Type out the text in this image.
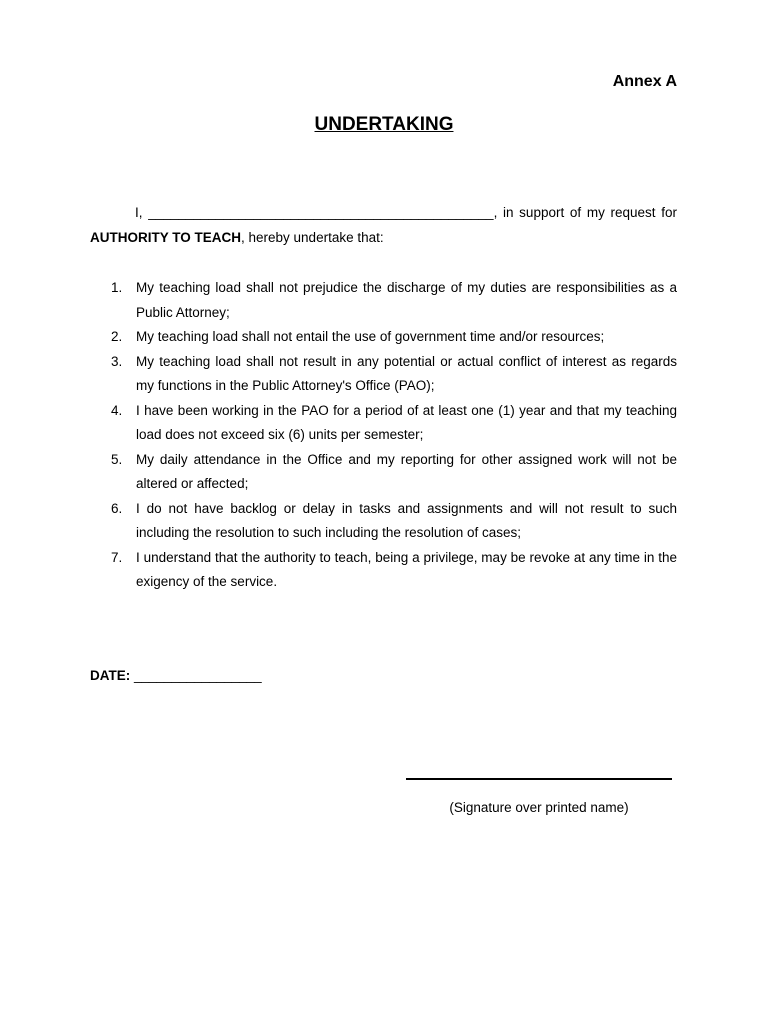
Annex A
UNDERTAKING

I, ______________________________________________, in support of my request for AUTHORITY TO TEACH, hereby undertake that:

1. My teaching load shall not prejudice the discharge of my duties are responsibilities as a Public Attorney;
2. My teaching load shall not entail the use of government time and/or resources;
3. My teaching load shall not result in any potential or actual conflict of interest as regards my functions in the Public Attorney's Office (PAO);
4. I have been working in the PAO for a period of at least one (1) year and that my teaching load does not exceed six (6) units per semester;
5. My daily attendance in the Office and my reporting for other assigned work will not be altered or affected;
6. I do not have backlog or delay in tasks and assignments and will not result to such including the resolution to such including the resolution of cases;
7. I understand that the authority to teach, being a privilege, may be revoke at any time in the exigency of the service.
DATE: _________________
(Signature over printed name)
